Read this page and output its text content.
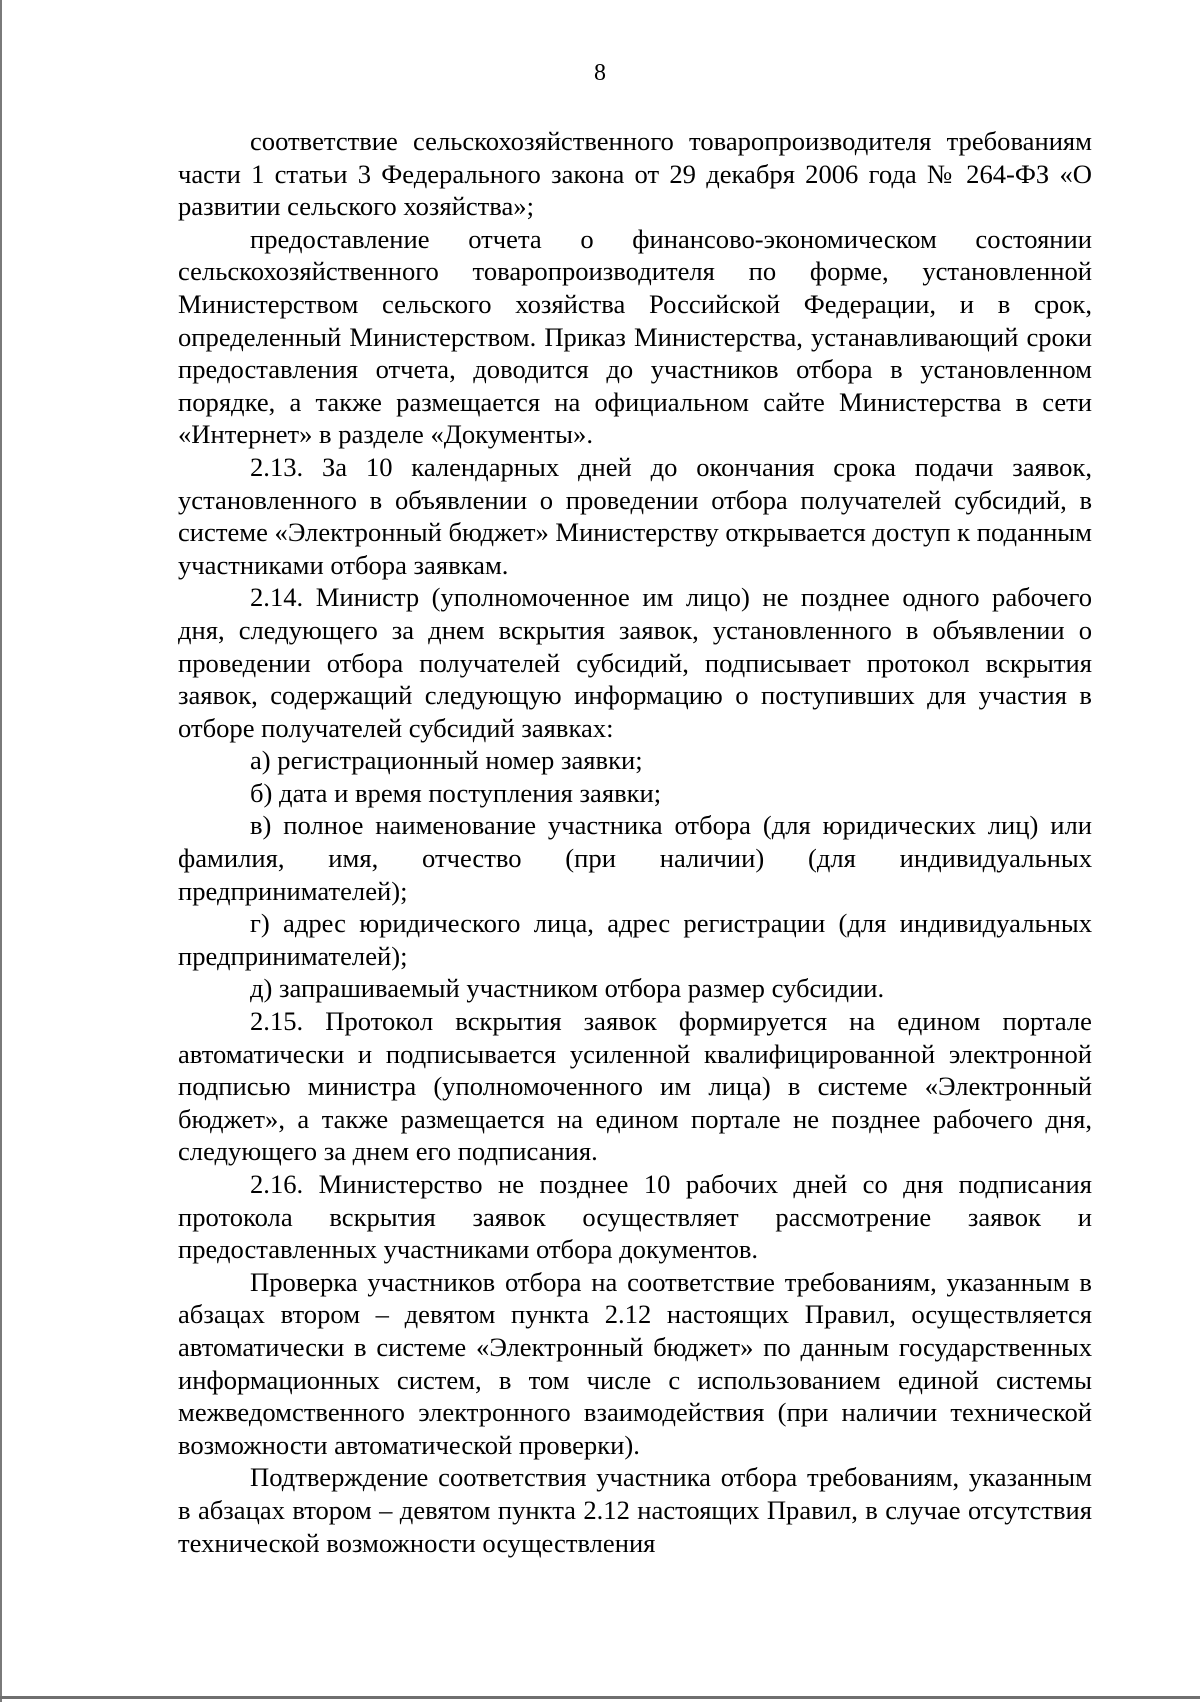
8

соответствие сельскохозяйственного товаропроизводителя требованиям части 1 статьи 3 Федерального закона от 29 декабря 2006 года № 264-ФЗ «О развитии сельского хозяйства»;

предоставление отчета о финансово-экономическом состоянии сельскохозяйственного товаропроизводителя по форме, установленной Министерством сельского хозяйства Российской Федерации, и в срок, определенный Министерством. Приказ Министерства, устанавливающий сроки предоставления отчета, доводится до участников отбора в установленном порядке, а также размещается на официальном сайте Министерства в сети «Интернет» в разделе «Документы».

2.13. За 10 календарных дней до окончания срока подачи заявок, установленного в объявлении о проведении отбора получателей субсидий, в системе «Электронный бюджет» Министерству открывается доступ к поданным участниками отбора заявкам.

2.14. Министр (уполномоченное им лицо) не позднее одного рабочего дня, следующего за днем вскрытия заявок, установленного в объявлении о проведении отбора получателей субсидий, подписывает протокол вскрытия заявок, содержащий следующую информацию о поступивших для участия в отборе получателей субсидий заявках:

а) регистрационный номер заявки;

б) дата и время поступления заявки;

в) полное наименование участника отбора (для юридических лиц) или фамилия, имя, отчество (при наличии) (для индивидуальных предпринимателей);

г) адрес юридического лица, адрес регистрации (для индивидуальных предпринимателей);

д) запрашиваемый участником отбора размер субсидии.

2.15. Протокол вскрытия заявок формируется на едином портале автоматически и подписывается усиленной квалифицированной электронной подписью министра (уполномоченного им лица) в системе «Электронный бюджет», а также размещается на едином портале не позднее рабочего дня, следующего за днем его подписания.

2.16. Министерство не позднее 10 рабочих дней со дня подписания протокола вскрытия заявок осуществляет рассмотрение заявок и предоставленных участниками отбора документов.

Проверка участников отбора на соответствие требованиям, указанным в абзацах втором – девятом пункта 2.12 настоящих Правил, осуществляется автоматически в системе «Электронный бюджет» по данным государственных информационных систем, в том числе с использованием единой системы межведомственного электронного взаимодействия (при наличии технической возможности автоматической проверки).

Подтверждение соответствия участника отбора требованиям, указанным в абзацах втором – девятом пункта 2.12 настоящих Правил, в случае отсутствия технической возможности осуществления
